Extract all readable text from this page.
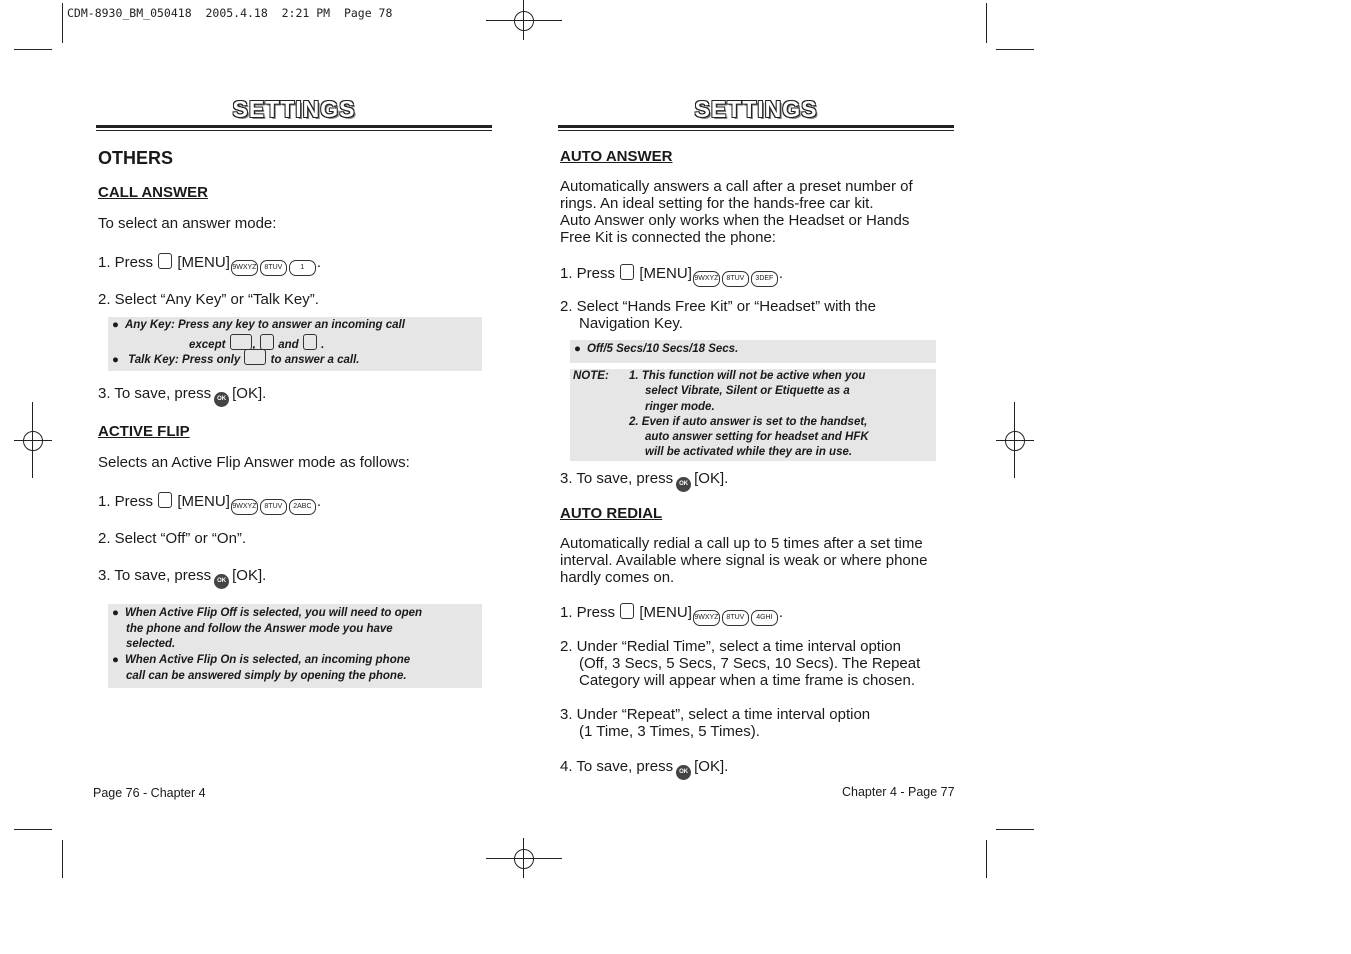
CDM-8930_BM_050418  2005.4.18  2:21 PM  Page 78
SETTINGS
OTHERS
CALL ANSWER
To select an answer mode:
1. Press [MENU] 9WXYZ 8TUV	1 .
2. Select “Any Key” or “Talk Key”.
● Any Key: Press any key to answer an incoming call
except ,  and  .
● Talk Key: Press only	to answer a call.
3. To save, press OK [OK].
ACTIVE FLIP
Selects an Active Flip Answer mode as follows:
1. Press [MENU] 9WXYZ 8TUV 2ABC .
2. Select “Off” or “On”.
3. To save, press OK [OK].
● When Active Flip Off is selected, you will need to open
the phone and follow the Answer mode you have
selected.
● When Active Flip On is selected, an incoming phone
call can be answered simply by opening the phone.
Page 76 - Chapter 4
SETTINGS
AUTO ANSWER
Automatically answers a call after a preset number of
rings. An ideal setting for the hands-free car kit.
Auto Answer only works when the Headset or Hands
Free Kit is connected the phone:
1. Press [MENU] 9WXYZ 8TUV 3DEF .
2. Select “Hands Free Kit” or “Headset” with the
Navigation Key.
● Off/5 Secs/10 Secs/18 Secs.
NOTE: 1. This function will not be active when you
select Vibrate, Silent or Etiquette as a
ringer mode.
2. Even if auto answer is set to the handset,
auto answer setting for headset and HFK
will be activated while they are in use.
3. To save, press OK [OK].
AUTO REDIAL
Automatically redial a call up to 5 times after a set time
interval. Available where signal is weak or where phone
hardly comes on.
1. Press [MENU] 9WXYZ 8TUV 4GHI .
2. Under “Redial Time”, select a time interval option
(Off, 3 Secs, 5 Secs, 7 Secs, 10 Secs). The Repeat
Category will appear when a time frame is chosen.
3. Under “Repeat”, select a time interval option
(1 Time, 3 Times, 5 Times).
4. To save, press OK [OK].
Chapter 4 - Page 77
